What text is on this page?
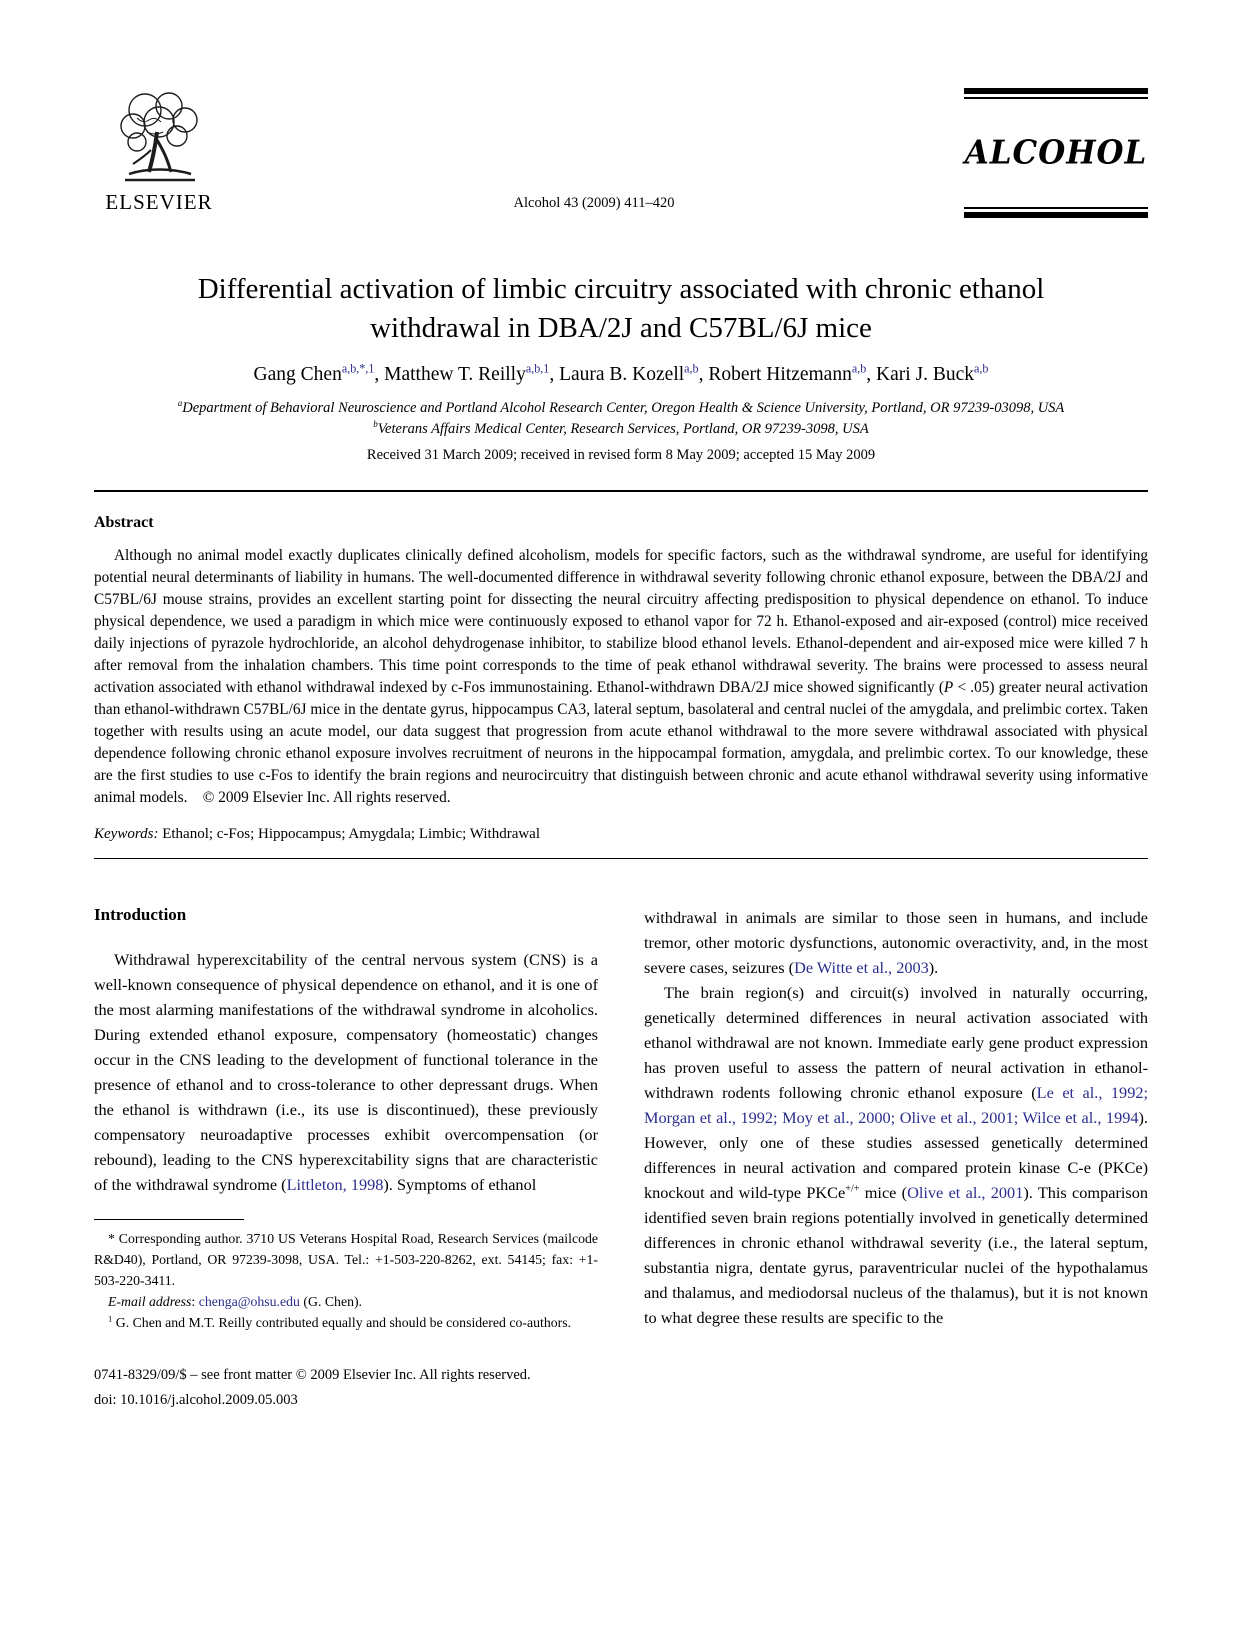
ELSEVIER	Alcohol 43 (2009) 411–420
ALCOHOL
Differential activation of limbic circuitry associated with chronic ethanol withdrawal in DBA/2J and C57BL/6J mice
Gang Chen$^{a,b,*,1}$, Matthew T. Reilly$^{a,b,1}$, Laura B. Kozell$^{a,b}$, Robert Hitzemann$^{a,b}$, Kari J. Buck$^{a,b}$
$^a$Department of Behavioral Neuroscience and Portland Alcohol Research Center, Oregon Health & Science University, Portland, OR 97239-03098, USA
$^b$Veterans Affairs Medical Center, Research Services, Portland, OR 97239-3098, USA
Received 31 March 2009; received in revised form 8 May 2009; accepted 15 May 2009
Abstract

Although no animal model exactly duplicates clinically defined alcoholism, models for specific factors, such as the withdrawal syndrome, are useful for identifying potential neural determinants of liability in humans. The well-documented difference in withdrawal severity following chronic ethanol exposure, between the DBA/2J and C57BL/6J mouse strains, provides an excellent starting point for dissecting the neural circuitry affecting predisposition to physical dependence on ethanol. To induce physical dependence, we used a paradigm in which mice were continuously exposed to ethanol vapor for 72 h. Ethanol-exposed and air-exposed (control) mice received daily injections of pyrazole hydrochloride, an alcohol dehydrogenase inhibitor, to stabilize blood ethanol levels. Ethanol-dependent and air-exposed mice were killed 7 h after removal from the inhalation chambers. This time point corresponds to the time of peak ethanol withdrawal severity. The brains were processed to assess neural activation associated with ethanol withdrawal indexed by c-Fos immunostaining. Ethanol-withdrawn DBA/2J mice showed significantly (P < .05) greater neural activation than ethanol-withdrawn C57BL/6J mice in the dentate gyrus, hippocampus CA3, lateral septum, basolateral and central nuclei of the amygdala, and prelimbic cortex. Taken together with results using an acute model, our data suggest that progression from acute ethanol withdrawal to the more severe withdrawal associated with physical dependence following chronic ethanol exposure involves recruitment of neurons in the hippocampal formation, amygdala, and prelimbic cortex. To our knowledge, these are the first studies to use c-Fos to identify the brain regions and neurocircuitry that distinguish between chronic and acute ethanol withdrawal severity using informative animal models.  © 2009 Elsevier Inc. All rights reserved.

Keywords: Ethanol; c-Fos; Hippocampus; Amygdala; Limbic; Withdrawal
Introduction

Withdrawal hyperexcitability of the central nervous system (CNS) is a well-known consequence of physical dependence on ethanol, and it is one of the most alarming manifestations of the withdrawal syndrome in alcoholics. During extended ethanol exposure, compensatory (homeostatic) changes occur in the CNS leading to the development of functional tolerance in the presence of ethanol and to cross-tolerance to other depressant drugs. When the ethanol is withdrawn (i.e., its use is discontinued), these previously compensatory neuroadaptive processes exhibit overcompensation (or rebound), leading to the CNS hyperexcitability signs that are characteristic of the withdrawal syndrome (Littleton, 1998). Symptoms of ethanol

* Corresponding author. 3710 US Veterans Hospital Road, Research Services (mailcode R&D40), Portland, OR 97239-3098, USA. Tel.: +1-503-220-8262, ext. 54145; fax: +1-503-220-3411.

E-mail address: chenga@ohsu.edu (G. Chen).

$^1$ G. Chen and M.T. Reilly contributed equally and should be considered co-authors.

0741-8329/09/$ – see front matter © 2009 Elsevier Inc. All rights reserved.
doi: 10.1016/j.alcohol.2009.05.003

withdrawal in animals are similar to those seen in humans, and include tremor, other motoric dysfunctions, autonomic overactivity, and, in the most severe cases, seizures (De Witte et al., 2003).

The brain region(s) and circuit(s) involved in naturally occurring, genetically determined differences in neural activation associated with ethanol withdrawal are not known. Immediate early gene product expression has proven useful to assess the pattern of neural activation in ethanol-withdrawn rodents following chronic ethanol exposure (Le et al., 1992; Morgan et al., 1992; Moy et al., 2000; Olive et al., 2001; Wilce et al., 1994). However, only one of these studies assessed genetically determined differences in neural activation and compared protein kinase C-e (PKCe) knockout and wild-type PKCe+/+ mice (Olive et al., 2001). This comparison identified seven brain regions potentially involved in genetically determined differences in chronic ethanol withdrawal severity (i.e., the lateral septum, substantia nigra, dentate gyrus, paraventricular nuclei of the hypothalamus and thalamus, and mediodorsal nucleus of the thalamus), but it is not known to what degree these results are specific to the
